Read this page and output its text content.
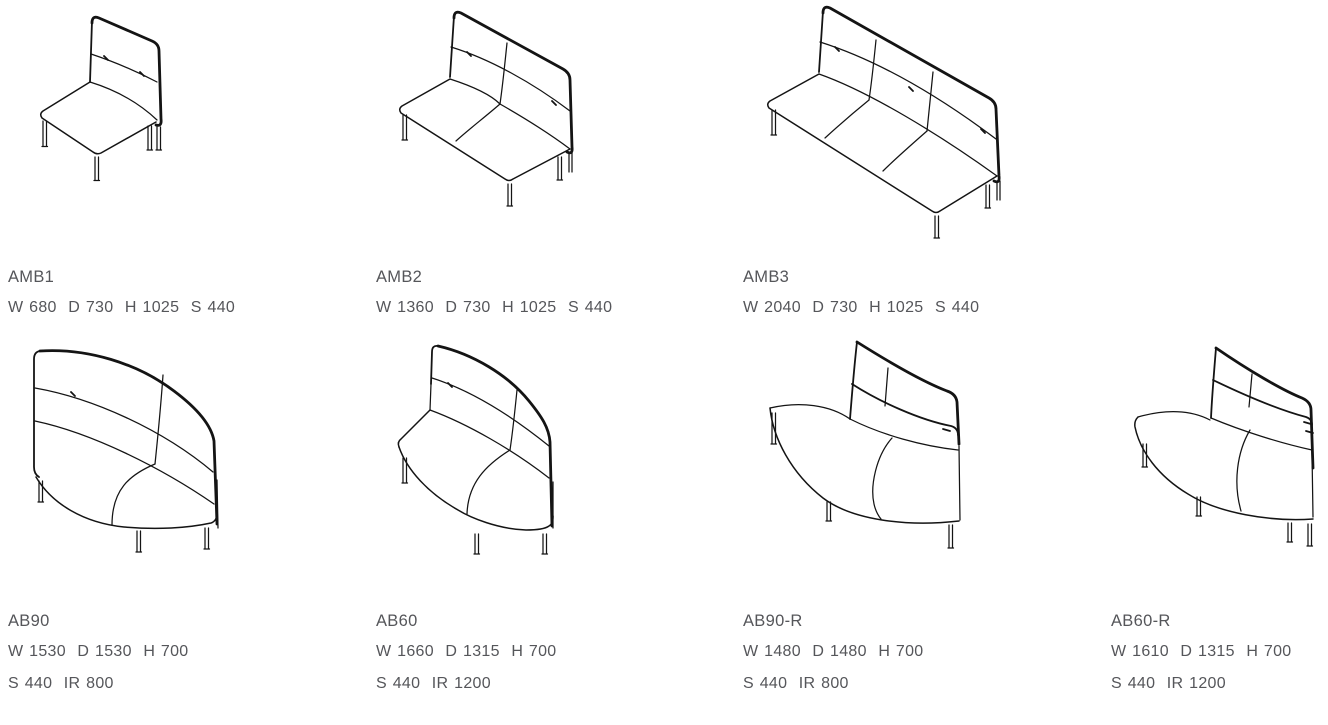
AMB1
W 680  D 730  H 1025  S 440
AMB2
W 1360  D 730  H 1025  S 440
AMB3
W 2040  D 730  H 1025  S 440
AB90
W 1530  D 1530  H 700
S 440  IR 800
AB60
W 1660  D 1315  H 700
S 440  IR 1200
AB90-R
W 1480  D 1480  H 700
S 440  IR 800
AB60-R
W 1610  D 1315  H 700
S 440  IR 1200
